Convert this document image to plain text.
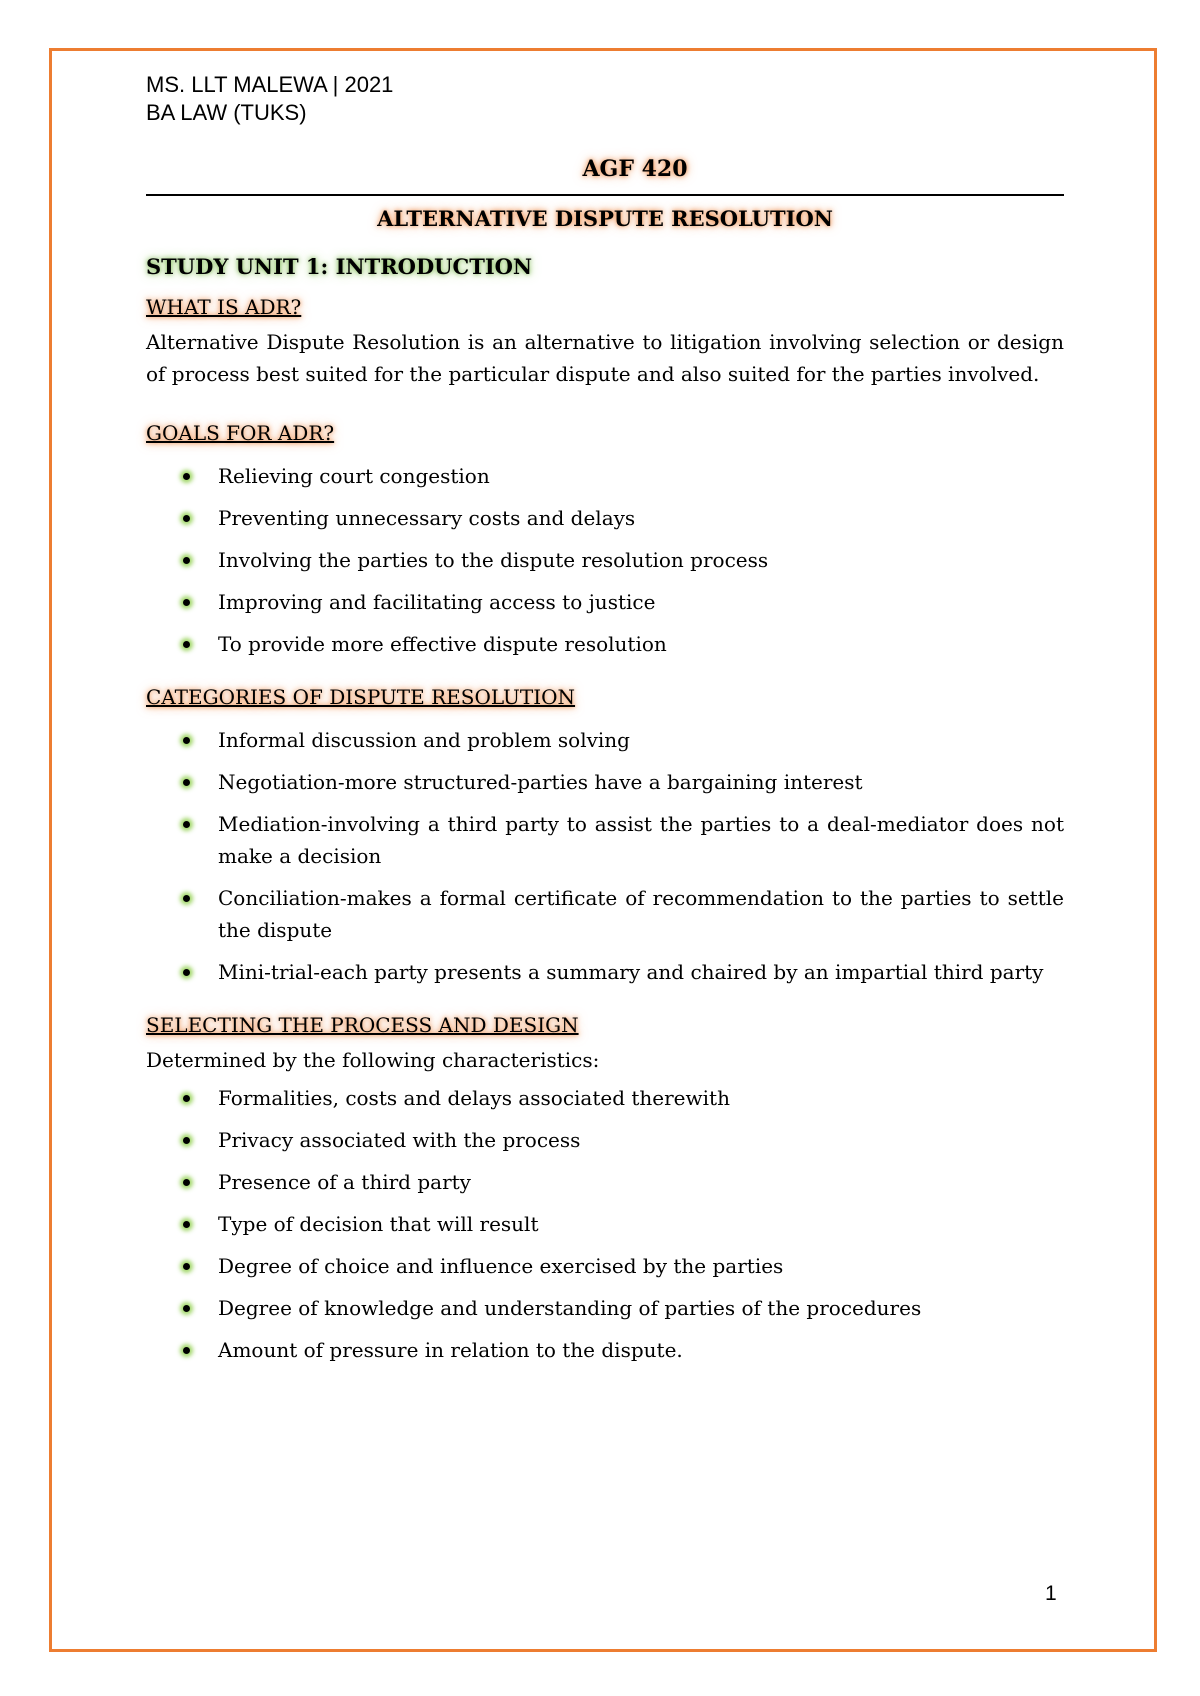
MS. LLT MALEWA | 2021
BA LAW (TUKS)

AGF 420

ALTERNATIVE DISPUTE RESOLUTION

STUDY UNIT 1: INTRODUCTION

WHAT IS ADR?

Alternative Dispute Resolution is an alternative to litigation involving selection or design of process best suited for the particular dispute and also suited for the parties involved.

GOALS FOR ADR?

Relieving court congestion
Preventing unnecessary costs and delays
Involving the parties to the dispute resolution process
Improving and facilitating access to justice
To provide more effective dispute resolution

CATEGORIES OF DISPUTE RESOLUTION

Informal discussion and problem solving
Negotiation-more structured-parties have a bargaining interest
Mediation-involving a third party to assist the parties to a deal-mediator does not make a decision
Conciliation-makes a formal certificate of recommendation to the parties to settle the dispute
Mini-trial-each party presents a summary and chaired by an impartial third party

SELECTING THE PROCESS AND DESIGN

Determined by the following characteristics:

Formalities, costs and delays associated therewith
Privacy associated with the process
Presence of a third party
Type of decision that will result
Degree of choice and influence exercised by the parties
Degree of knowledge and understanding of parties of the procedures
Amount of pressure in relation to the dispute.
1
